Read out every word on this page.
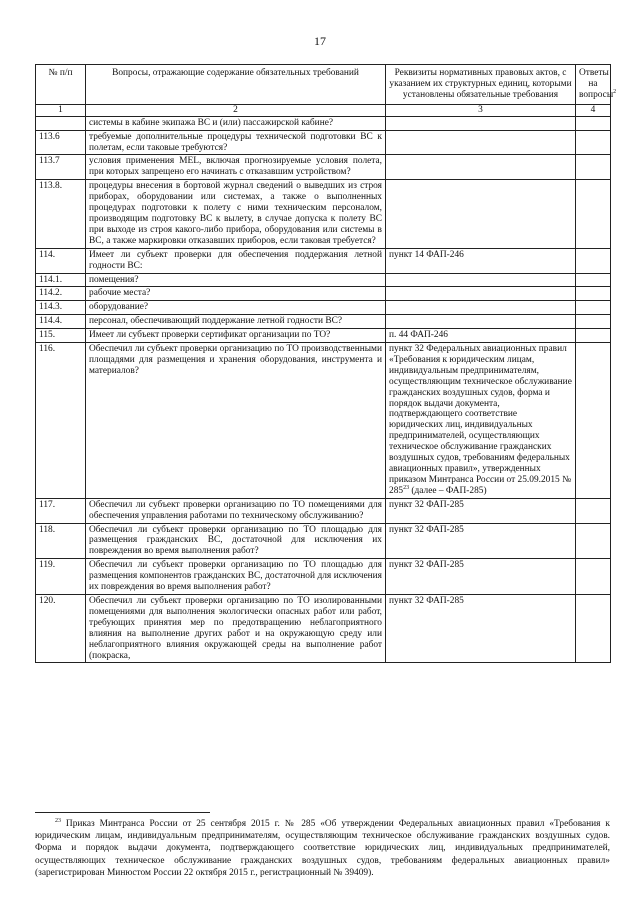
17
№ п/п	Вопросы, отражающие содержание обязательных требований	Реквизиты нормативных правовых актов, с указанием их структурных единиц, которыми установлены обязательные требования	Ответы на вопросы$^2$
1	2	3	4
	системы в кабине экипажа ВС и (или) пассажирской кабине?		
113.6	требуемые дополнительные процедуры технической подготовки ВС к полетам, если таковые требуются?		
113.7	условия применения MEL, включая прогнозируемые условия полета, при которых запрещено его начинать с отказавшим устройством?		
113.8.	процедуры внесения в бортовой журнал сведений о выведших из строя приборах, оборудовании или системах, а также о выполненных процедурах подготовки к полету с ними техническим персоналом, производящим подготовку ВС к вылету, в случае допуска к полету ВС при выходе из строя какого-либо прибора, оборудования или системы в ВС, а также маркировки отказавших приборов, если таковая требуется?		
114.	Имеет ли субъект проверки для обеспечения поддержания летной годности ВС:	пункт 14 ФАП-246	
114.1.	помещения?		
114.2.	рабочие места?		
114.3.	оборудование?		
114.4.	персонал, обеспечивающий поддержание летной годности ВС?		
115.	Имеет ли субъект проверки сертификат организации по ТО?	п. 44 ФАП-246	
116.	Обеспечил ли субъект проверки организацию по ТО производственными площадями для размещения и хранения оборудования, инструмента и материалов?	пункт 32 Федеральных авиационных правил «Требования к юридическим лицам, индивидуальным предпринимателям, осуществляющим техническое обслуживание гражданских воздушных судов, форма и порядок выдачи документа, подтверждающего соответствие юридических лиц, индивидуальных предпринимателей, осуществляющих техническое обслуживание гражданских воздушных судов, требованиям федеральных авиационных правил», утвержденных приказом Минтранса России от 25.09.2015 № $285^{23}$ (далее – ФАП-285)	
117.	Обеспечил ли субъект проверки организацию по ТО помещениями для обеспечения управления работами по техническому обслуживанию?	пункт 32 ФАП-285	
118.	Обеспечил ли субъект проверки организацию по ТО площадью для размещения гражданских ВС, достаточной для исключения их повреждения во время выполнения работ?	пункт 32 ФАП-285	
119.	Обеспечил ли субъект проверки организацию по ТО площадью для размещения компонентов гражданских ВС, достаточной для исключения их повреждения во время выполнения работ?	пункт 32 ФАП-285	
120.	Обеспечил ли субъект проверки организацию по ТО изолированными помещениями для выполнения экологически опасных работ или работ, требующих принятия мер по предотвращению неблагоприятного влияния на выполнение других работ и на окружающую среду или неблагоприятного влияния окружающей среды на выполнение работ (покраска,	пункт 32 ФАП-285	

$^{23}$ Приказ Минтранса России от 25 сентября 2015 г. № 285 «Об утверждении Федеральных авиационных правил «Требования к юридическим лицам, индивидуальным предпринимателям, осуществляющим техническое обслуживание гражданских воздушных судов. Форма и порядок выдачи документа, подтверждающего соответствие юридических лиц, индивидуальных предпринимателей, осуществляющих техническое обслуживание гражданских воздушных судов, требованиям федеральных авиационных правил» (зарегистрирован Минюстом России 22 октября 2015 г., регистрационный № 39409).
